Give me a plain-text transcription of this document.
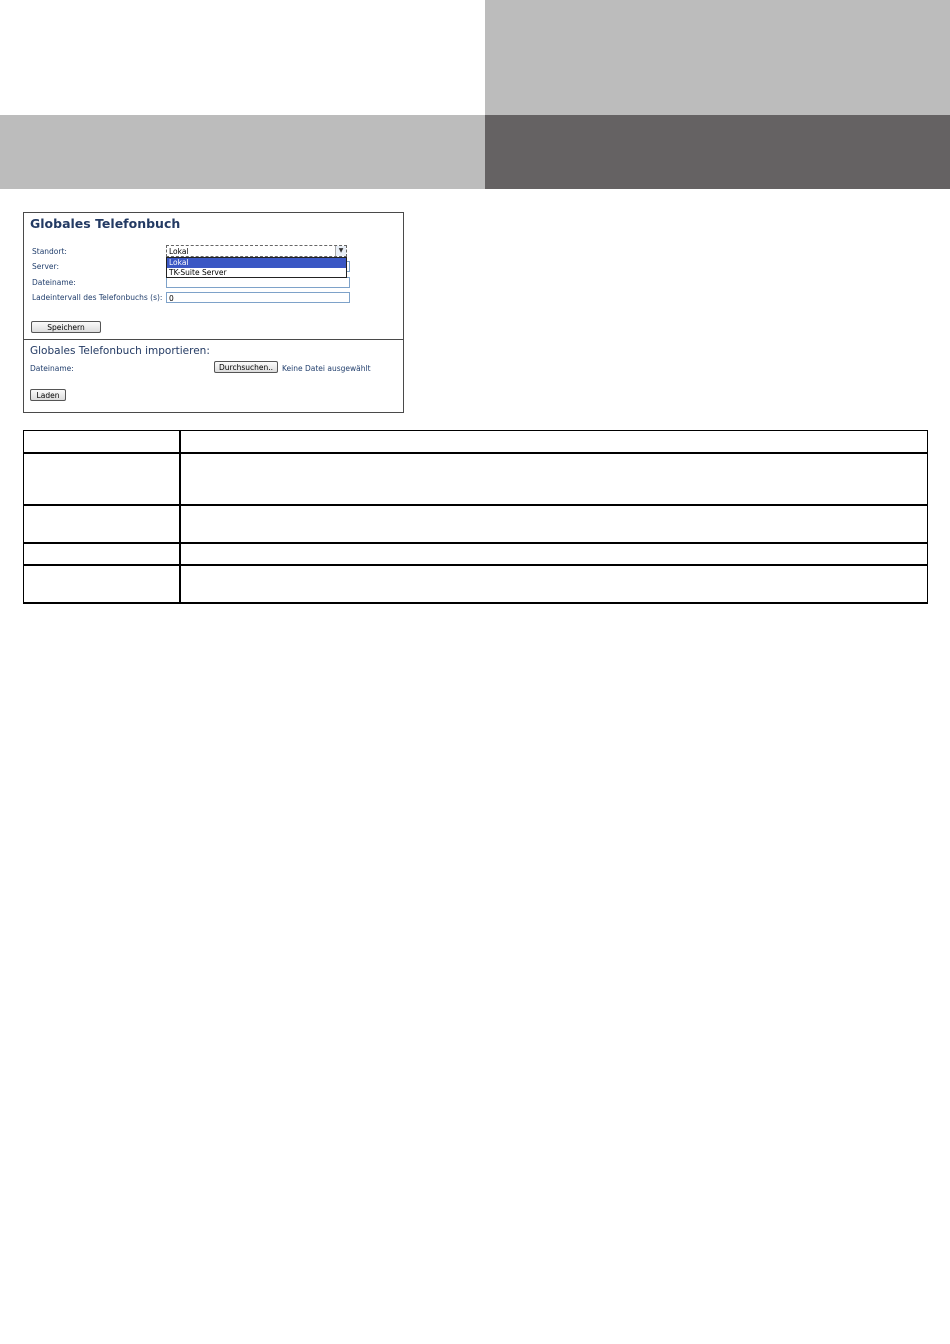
Globales Telefonbuch
Standort:	Lokal	▼
Server:
Dateiname:
Ladeintervall des Telefonbuchs (s): 0
Lokal
TK-Suite Server
Speichern
Globales Telefonbuch importieren:
Dateiname:	Durchsuchen..	Keine Datei ausgewählt
Laden
